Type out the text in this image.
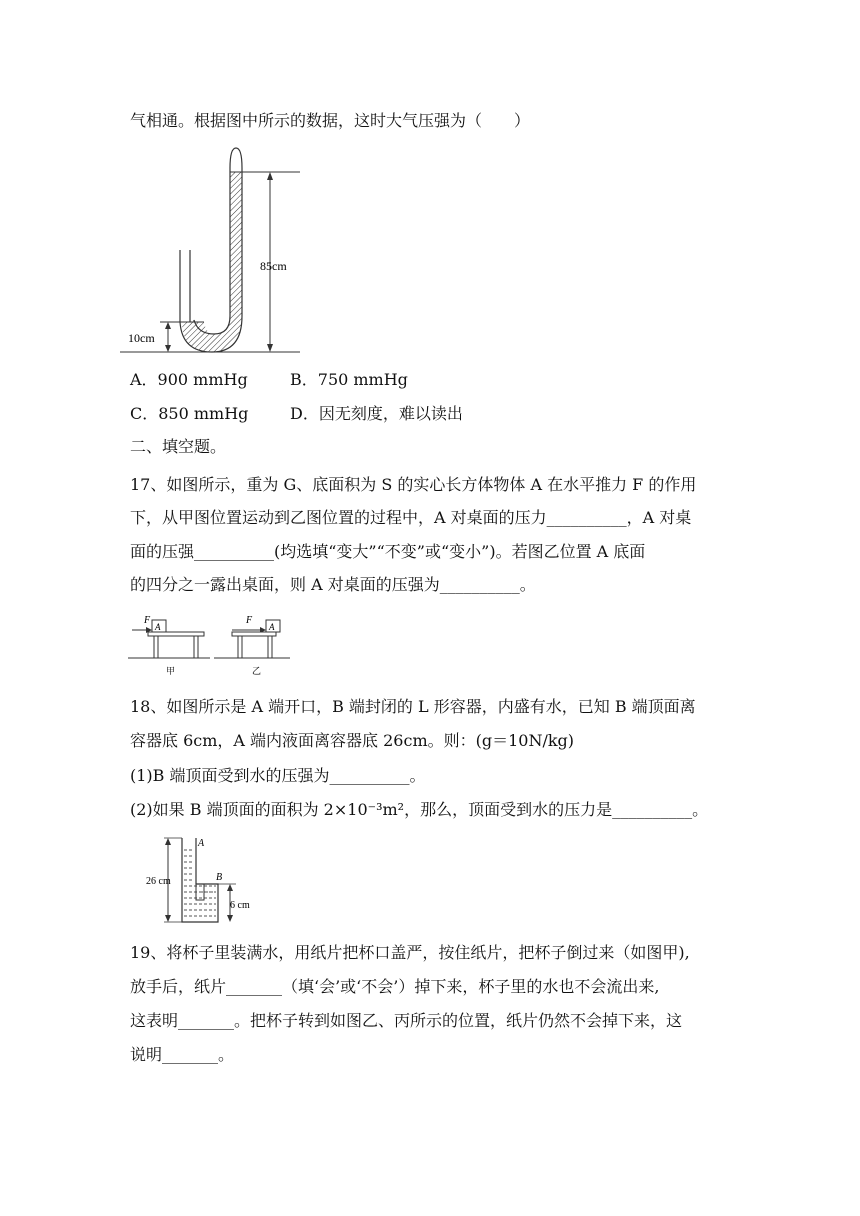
气相通。根据图中所示的数据，这时大气压强为（　　）
85cm
10cm
A．900 mmHg	B．750 mmHg
C．850 mmHg	D．因无刻度，难以读出
二、填空题。
17、如图所示，重为 G、底面积为 S 的实心长方体物体 A 在水平推力 F 的作用
下，从甲图位置运动到乙图位置的过程中，A 对桌面的压力__________，A 对桌
面的压强__________(均选填“变大”“不变”或“变小”)。若图乙位置 A 底面
的四分之一露出桌面，则 A 对桌面的压强为__________。
F
A
甲
F
A
乙
18、如图所示是 A 端开口，B 端封闭的 L 形容器，内盛有水，已知 B 端顶面离
容器底 6cm，A 端内液面离容器底 26cm。则：(g＝10N/kg)
(1)B 端顶面受到水的压强为__________。
(2)如果 B 端顶面的面积为 2×10⁻³m²，那么，顶面受到水的压力是__________。
A
B
26 cm
6 cm
19、将杯子里装满水，用纸片把杯口盖严，按住纸片，把杯子倒过来（如图甲),
放手后，纸片_______（填‘会’或‘不会’）掉下来，杯子里的水也不会流出来,
这表明_______。把杯子转到如图乙、丙所示的位置，纸片仍然不会掉下来，这
说明_______。
